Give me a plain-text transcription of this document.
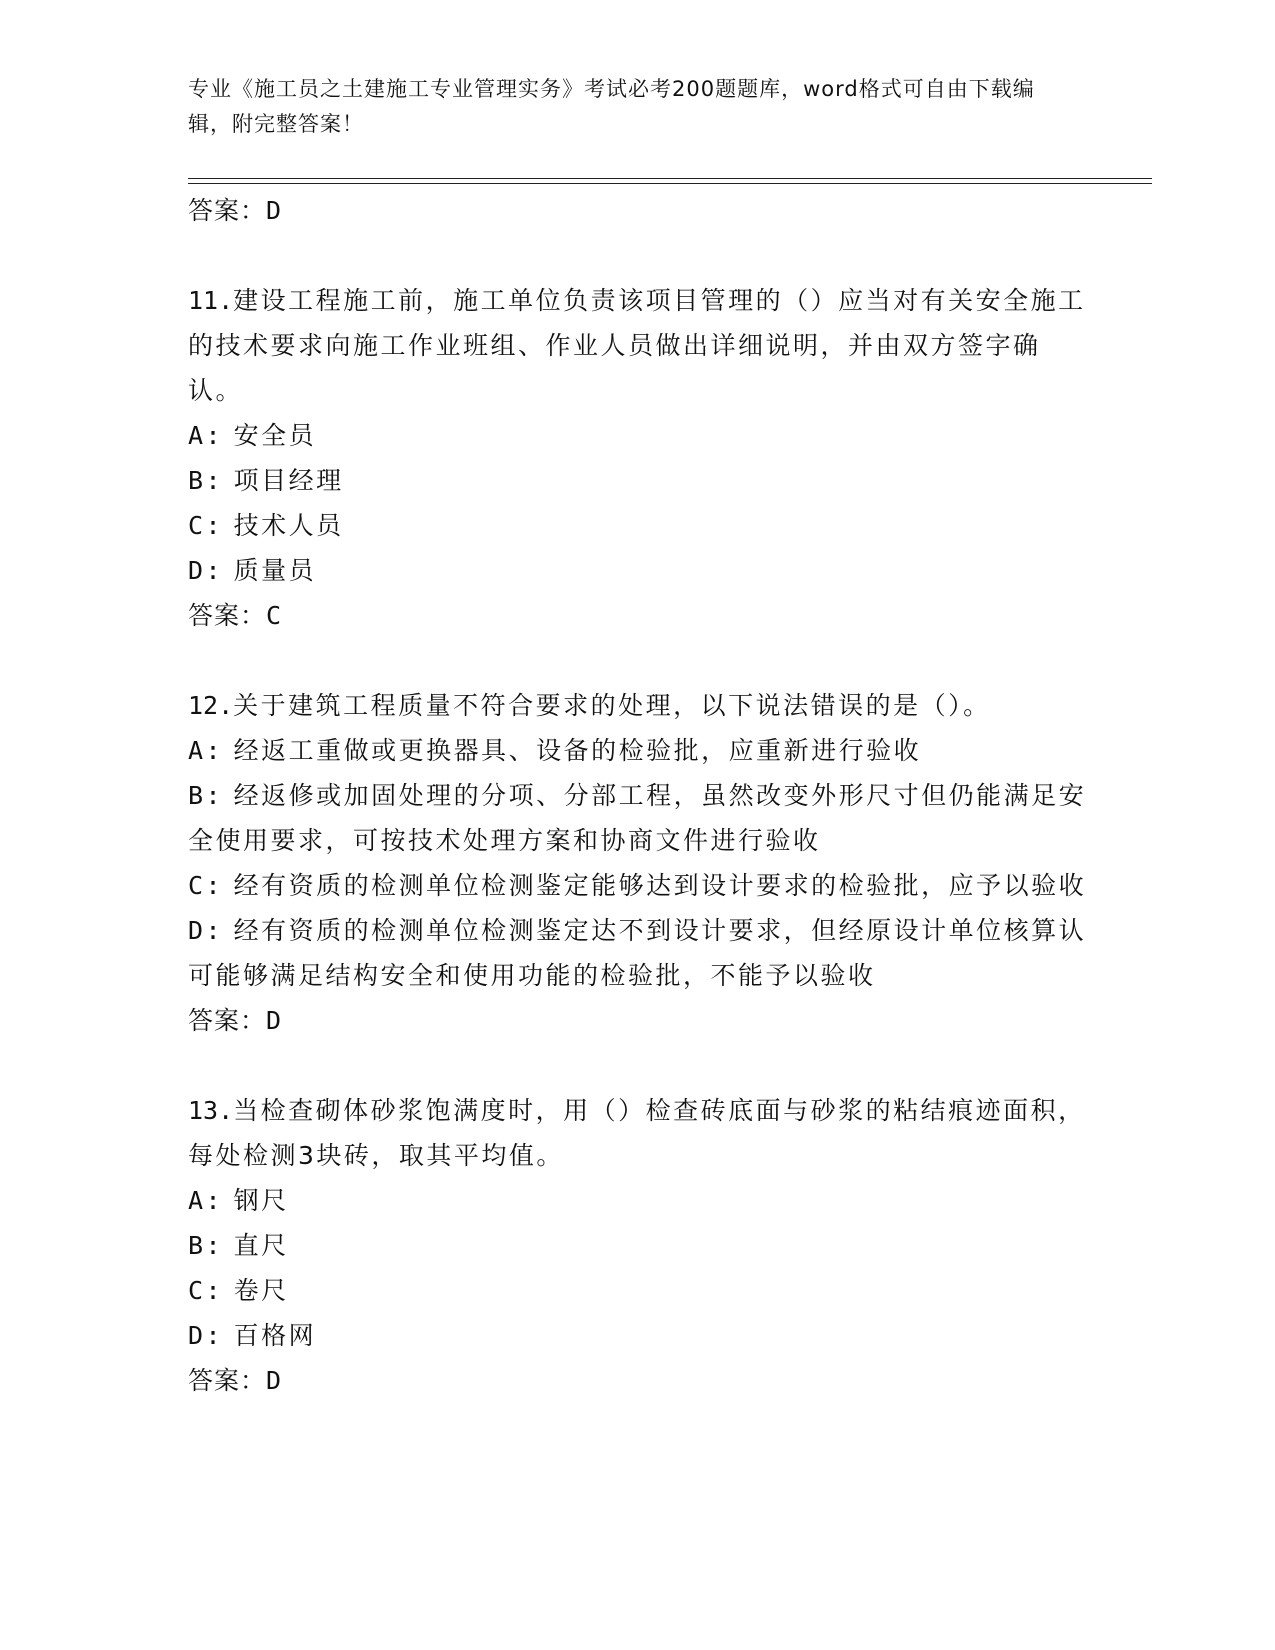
专业《施工员之土建施工专业管理实务》考试必考200题题库，word格式可自由下载编辑，附完整答案！
答案：D
11.建设工程施工前，施工单位负责该项目管理的（）应当对有关安全施工的技术要求向施工作业班组、作业人员做出详细说明，并由双方签字确认。
A: 安全员
B: 项目经理
C: 技术人员
D: 质量员
答案：C
12.关于建筑工程质量不符合要求的处理，以下说法错误的是（）。
A: 经返工重做或更换器具、设备的检验批，应重新进行验收
B: 经返修或加固处理的分项、分部工程，虽然改变外形尺寸但仍能满足安全使用要求，可按技术处理方案和协商文件进行验收
C: 经有资质的检测单位检测鉴定能够达到设计要求的检验批，应予以验收
D: 经有资质的检测单位检测鉴定达不到设计要求，但经原设计单位核算认可能够满足结构安全和使用功能的检验批，不能予以验收
答案：D
13.当检查砌体砂浆饱满度时，用（）检查砖底面与砂浆的粘结痕迹面积，每处检测3块砖，取其平均值。
A: 钢尺
B: 直尺
C: 卷尺
D: 百格网
答案：D
